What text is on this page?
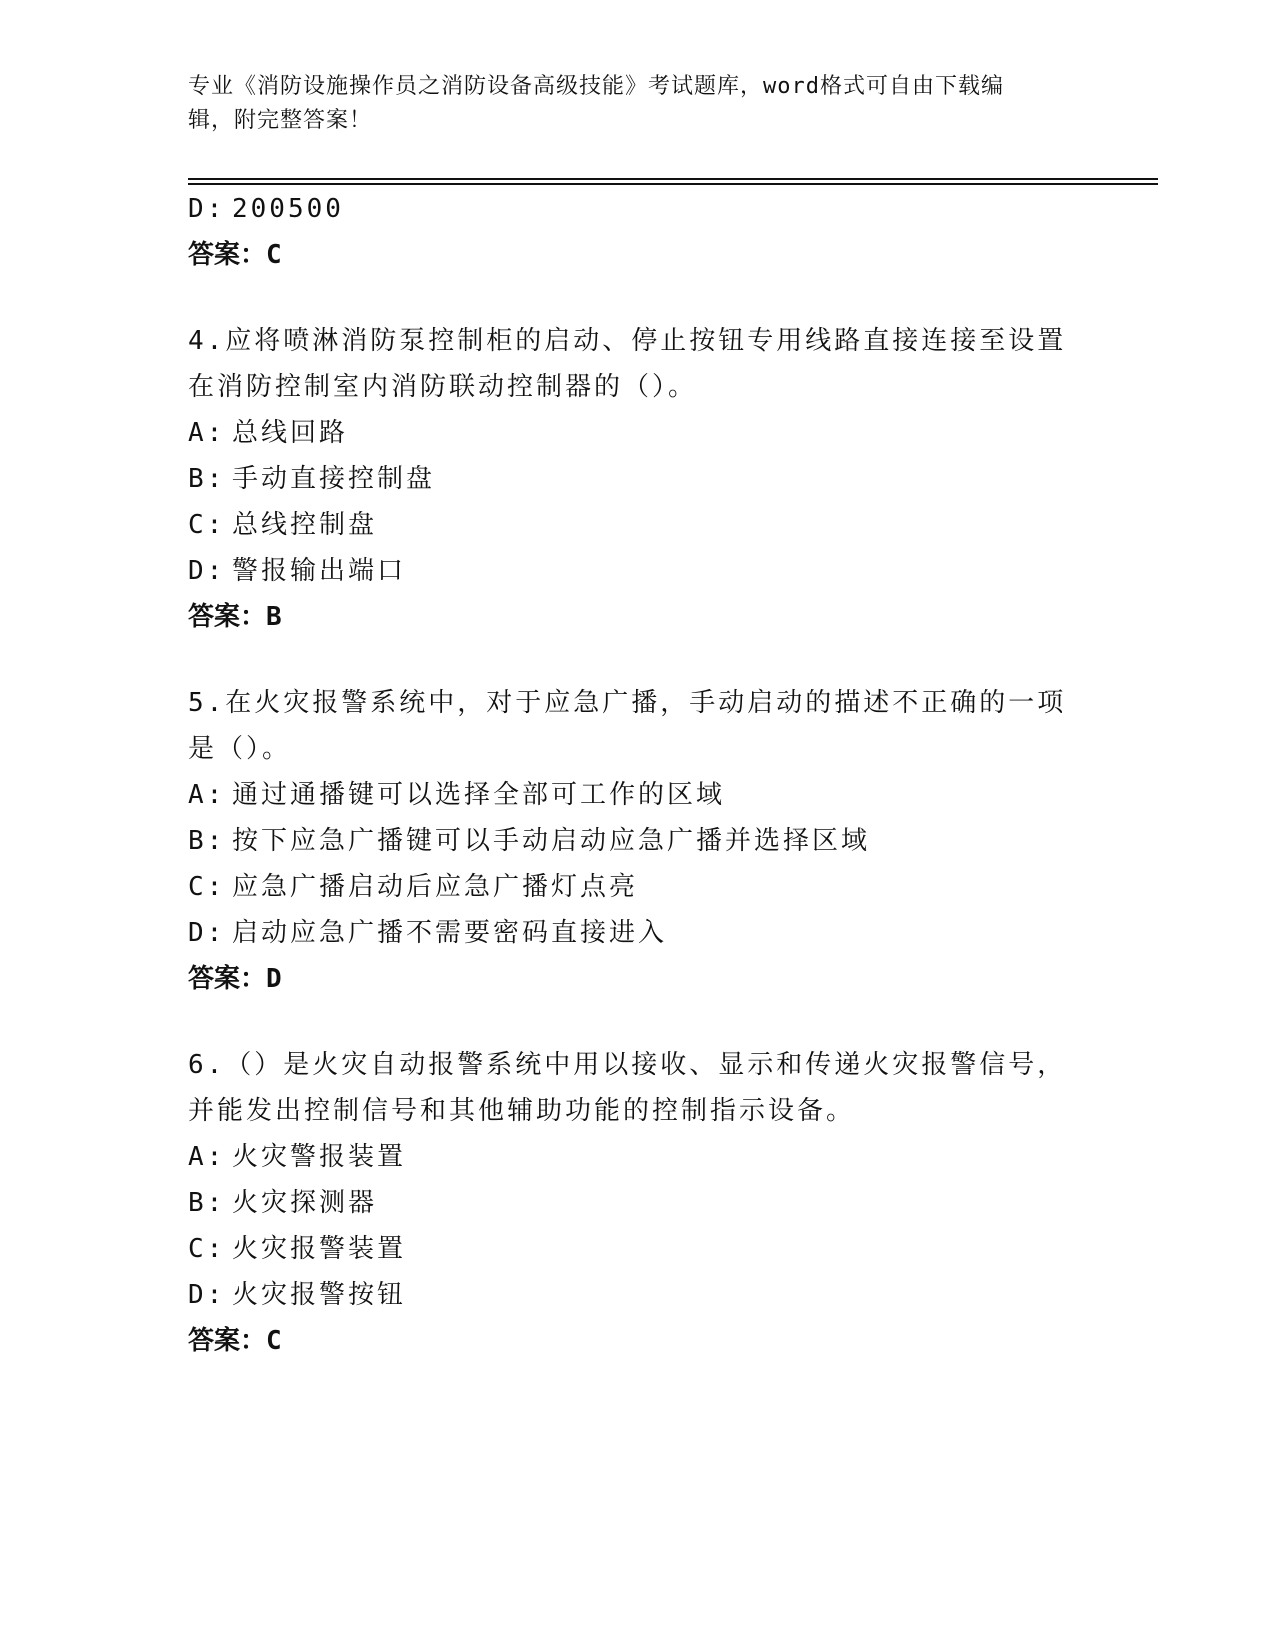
专业《消防设施操作员之消防设备高级技能》考试题库，word格式可自由下载编
辑，附完整答案！
D: 200500
答案：C
4.应将喷淋消防泵控制柜的启动、停止按钮专用线路直接连接至设置
在消防控制室内消防联动控制器的（）。
A: 总线回路
B: 手动直接控制盘
C: 总线控制盘
D: 警报输出端口
答案：B
5.在火灾报警系统中，对于应急广播，手动启动的描述不正确的一项
是（）。
A: 通过通播键可以选择全部可工作的区域
B: 按下应急广播键可以手动启动应急广播并选择区域
C: 应急广播启动后应急广播灯点亮
D: 启动应急广播不需要密码直接进入
答案：D
6.（）是火灾自动报警系统中用以接收、显示和传递火灾报警信号，
并能发出控制信号和其他辅助功能的控制指示设备。
A: 火灾警报装置
B: 火灾探测器
C: 火灾报警装置
D: 火灾报警按钮
答案：C
